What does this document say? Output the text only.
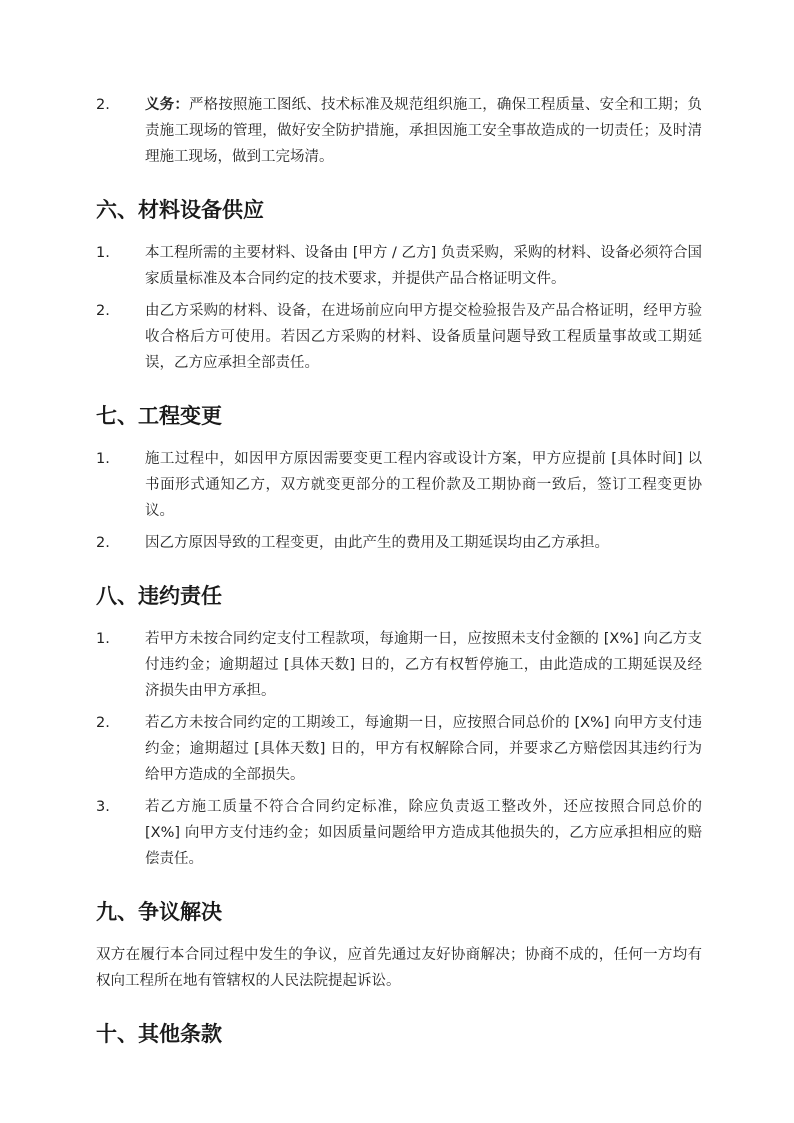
2.	义务：严格按照施工图纸、技术标准及规范组织施工，确保工程质量、安全和工期；负责施工现场的管理，做好安全防护措施，承担因施工安全事故造成的一切责任；及时清理施工现场，做到工完场清。
六、材料设备供应
1.	本工程所需的主要材料、设备由 [甲方 / 乙方] 负责采购，采购的材料、设备必须符合国家质量标准及本合同约定的技术要求，并提供产品合格证明文件。
2.	由乙方采购的材料、设备，在进场前应向甲方提交检验报告及产品合格证明，经甲方验收合格后方可使用。若因乙方采购的材料、设备质量问题导致工程质量事故或工期延误，乙方应承担全部责任。
七、工程变更
1.	施工过程中，如因甲方原因需要变更工程内容或设计方案，甲方应提前 [具体时间] 以书面形式通知乙方，双方就变更部分的工程价款及工期协商一致后，签订工程变更协议。
2.	因乙方原因导致的工程变更，由此产生的费用及工期延误均由乙方承担。
八、违约责任
1.	若甲方未按合同约定支付工程款项，每逾期一日，应按照未支付金额的 [X%] 向乙方支付违约金；逾期超过 [具体天数] 日的，乙方有权暂停施工，由此造成的工期延误及经济损失由甲方承担。
2.	若乙方未按合同约定的工期竣工，每逾期一日，应按照合同总价的 [X%] 向甲方支付违约金；逾期超过 [具体天数] 日的，甲方有权解除合同，并要求乙方赔偿因其违约行为给甲方造成的全部损失。
3.	若乙方施工质量不符合合同约定标准，除应负责返工整改外，还应按照合同总价的 [X%] 向甲方支付违约金；如因质量问题给甲方造成其他损失的，乙方应承担相应的赔偿责任。
九、争议解决
双方在履行本合同过程中发生的争议，应首先通过友好协商解决；协商不成的，任何一方均有权向工程所在地有管辖权的人民法院提起诉讼。
十、其他条款
